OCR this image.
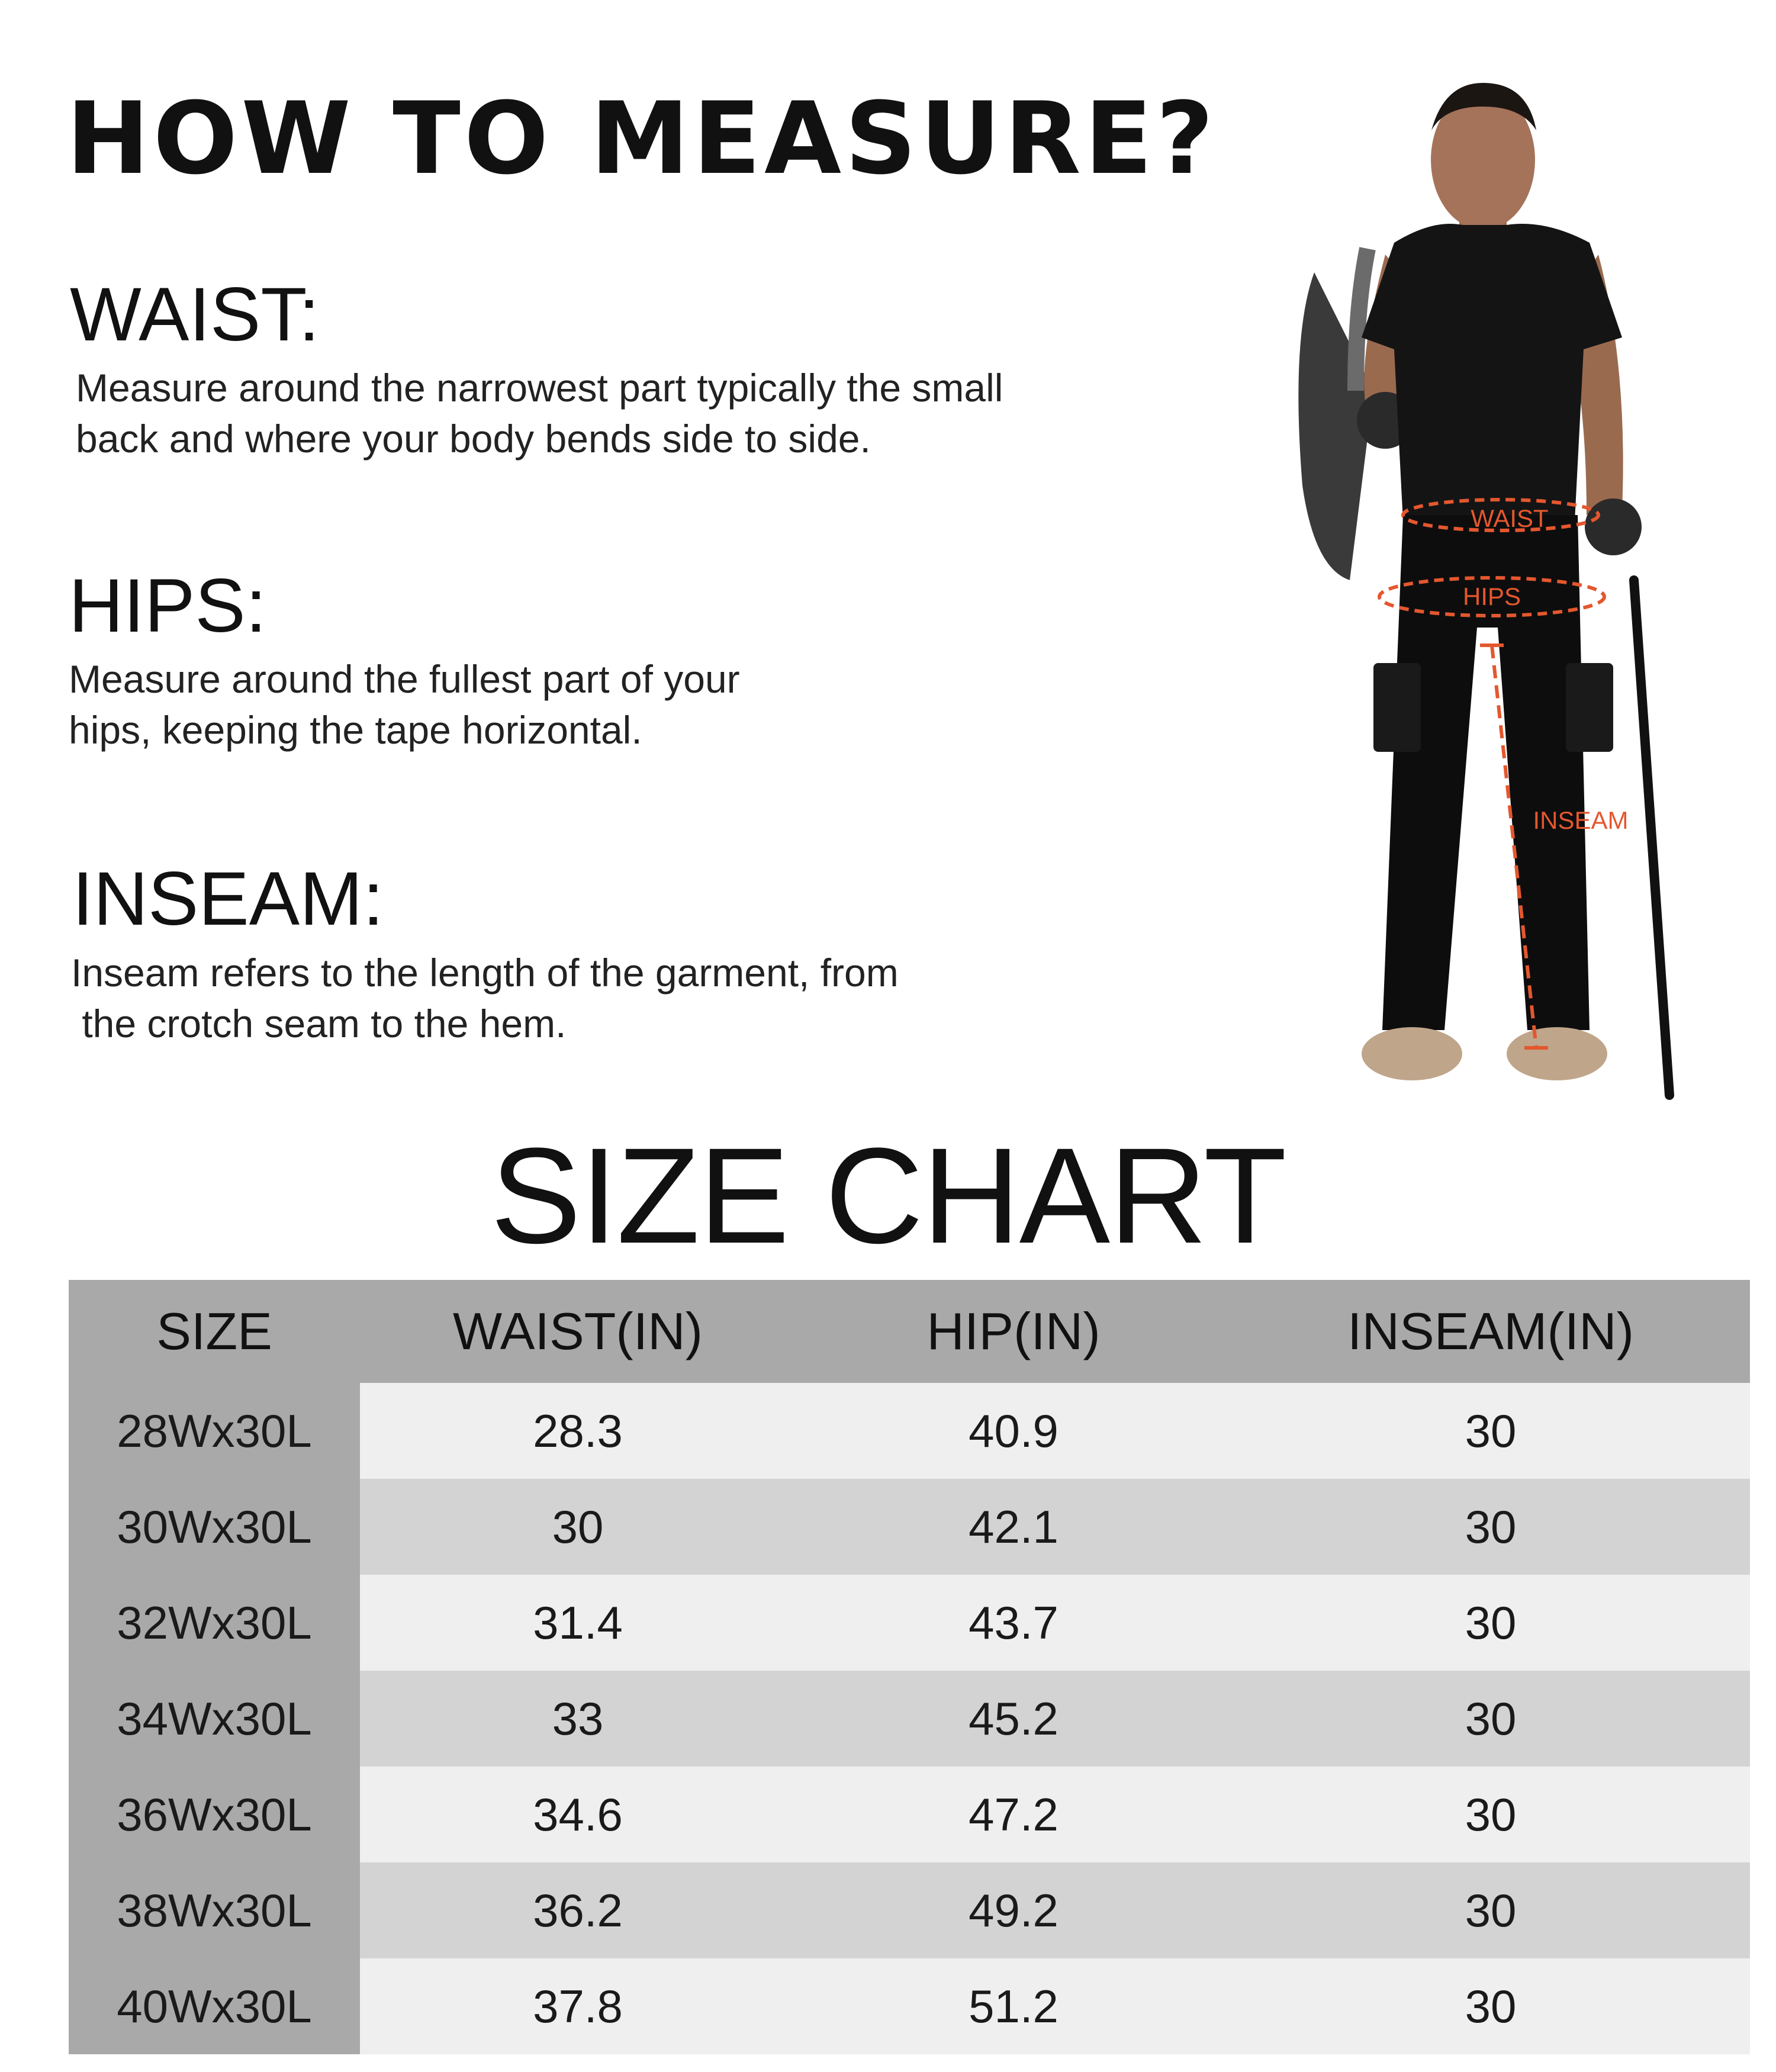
HOW TO MEASURE?
WAIST:
Measure around the narrowest part typically the small
back and where your body bends side to side.
HIPS:
Measure around the fullest part of your
hips, keeping the tape horizontal.
INSEAM:
Inseam refers to the length of the garment, from
the crotch seam to the hem.
WAIST
HIPS
INSEAM
SIZE CHART
SIZE	WAIST(IN)	HIP(IN)	INSEAM(IN)
28Wx30L	28.3	40.9	30
30Wx30L	30	42.1	30
32Wx30L	31.4	43.7	30
34Wx30L	33	45.2	30
36Wx30L	34.6	47.2	30
38Wx30L	36.2	49.2	30
40Wx30L	37.8	51.2	30
